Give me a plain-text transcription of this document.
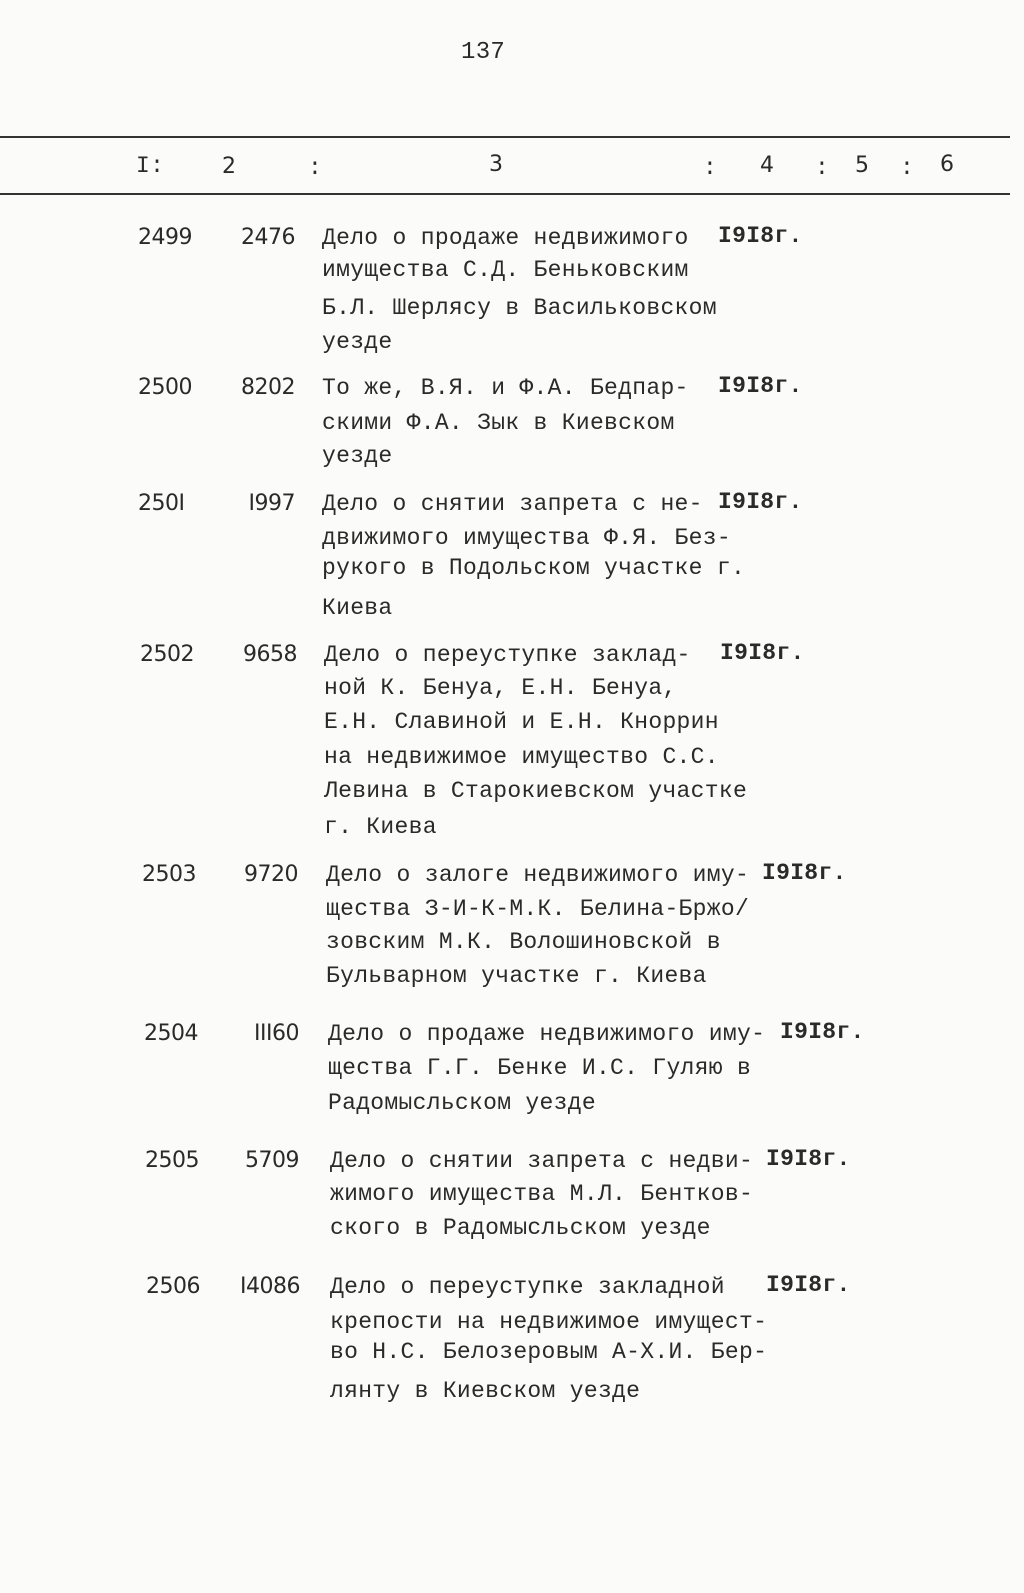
137
I:	2	:	3	: 4 : 5 : 6
2499 2476 Дело о продаже недвижимого
имущества С.Д. Беньковским
Б.Л. Шерлясу в Васильковском
уезде
I9I8г.
2500 8202 То же, В.Я. и Ф.А. Бедпар-
скими Ф.А. Зык в Киевском
уезде
I9I8г.
250I	I997 Дело о снятии запрета с не-
движимого имущества Ф.Я. Без-
рукого в Подольском участке г.
Киева
I9I8г.
2502 9658 Дело о переуступке заклад-
ной К. Бенуа, Е.Н. Бенуа,
Е.Н. Славиной и Е.Н. Кноррин
на недвижимое имущество С.С.
Левина в Старокиевском участке
г. Киева
I9I8г.
2503 9720 Дело о залоге недвижимого иму-
щества З-И-К-М.К. Белина-Бржо/
зовским М.К. Волошиновской в
Бульварном участке г. Киева
I9I8г.
2504	III60 Дело о продаже недвижимого иму-
щества Г.Г. Бенке И.С. Гуляю в
Радомысльском уезде
I9I8г.
2505 5709 Дело о снятии запрета с недви-
жимого имущества М.Л. Бентков-
ского в Радомысльском уезде
I9I8г.
2506 I4086 Дело о переуступке закладной
крепости на недвижимое имущест-
во Н.С. Белозеровым А-Х.И. Бер-
лянту в Киевском уезде
I9I8г.
